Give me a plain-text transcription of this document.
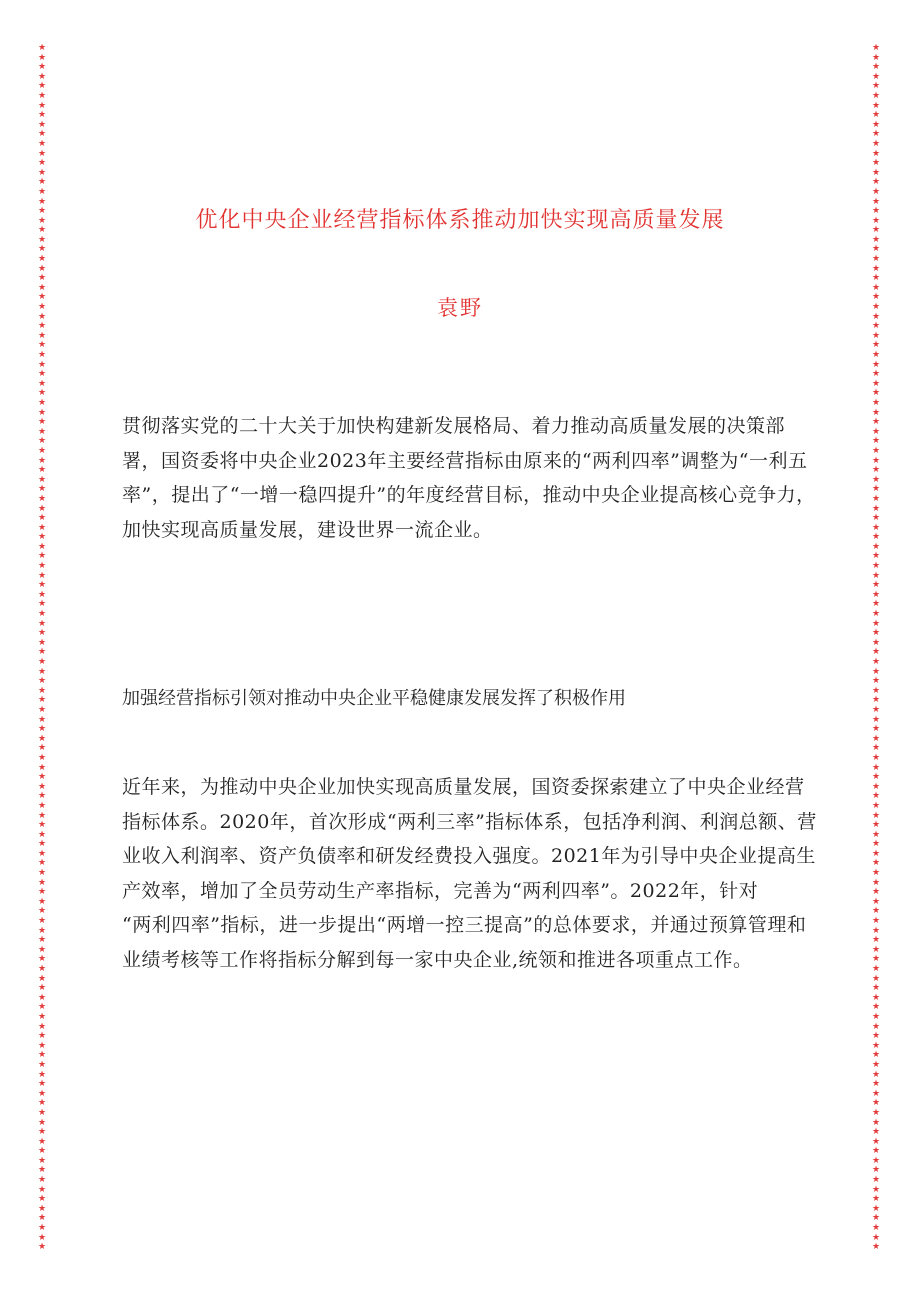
★
★
★
★
★
★
★
★
★
★
★
★
★
★
★
★
★
★
★
★
★
★
★
★
★
★
★
★
★
★
★
★
★
★
★
★
★
★
★
★
★
★
★
★
★
★
★
★
★
★
★
★
★
★
★
★
★
★
★
★
★
★
★
★
★
★
★
★
★
★
★
★
★
★
★
★
★
★
★
★
★
★
★
★
★
★
★
★
★
★
★
★
★
★
★
★
★
★
★
★
★
★
★
★
★
★
★
★
★
★
★
★
★
★
★
★
★
★
★
★
★
★
★
★
★
★
★
★
★
★
★
★
★
★
★
★
★
★
★
★
★
★
★
★
★
★
★
★
★
★
★
★
★
★
★
★
★
★
★
★
★
★
★
★
★
★
★
★
★
★
★
★
★
★
★
★
★
★
★
★
★
★
★
★
★
★
★
★
★
★
★
★
★
★
★
★
★
★
★
★
★
★
★
★
★
★
★
★
★
★
★
★
★
★
★
★
★
★
★
★
★
★
★
★
★
★
★
★
★
★
★
★
★
★
★
★
★
★
★
★
★
★
★
★
★
★
★
★
★
★
★
★
优化中央企业经营指标体系推动加快实现高质量发展
袁野

贯彻落实党的二十大关于加快构建新发展格局、着力推动高质量发展的决策部署，国资委将中央企业2023年主要经营指标由原来的“两利四率”调整为“一利五率”，提出了“一增一稳四提升”的年度经营目标，推动中央企业提高核心竞争力，加快实现高质量发展，建设世界一流企业。

加强经营指标引领对推动中央企业平稳健康发展发挥了积极作用

近年来，为推动中央企业加快实现高质量发展，国资委探索建立了中央企业经营指标体系。2020年，首次形成“两利三率”指标体系，包括净利润、利润总额、营业收入利润率、资产负债率和研发经费投入强度。2021年为引导中央企业提高生产效率，增加了全员劳动生产率指标，完善为“两利四率”。2022年，针对
“两利四率”指标，进一步提出“两增一控三提高”的总体要求，并通过预算管理和业绩考核等工作将指标分解到每一家中央企业,统领和推进各项重点工作。
